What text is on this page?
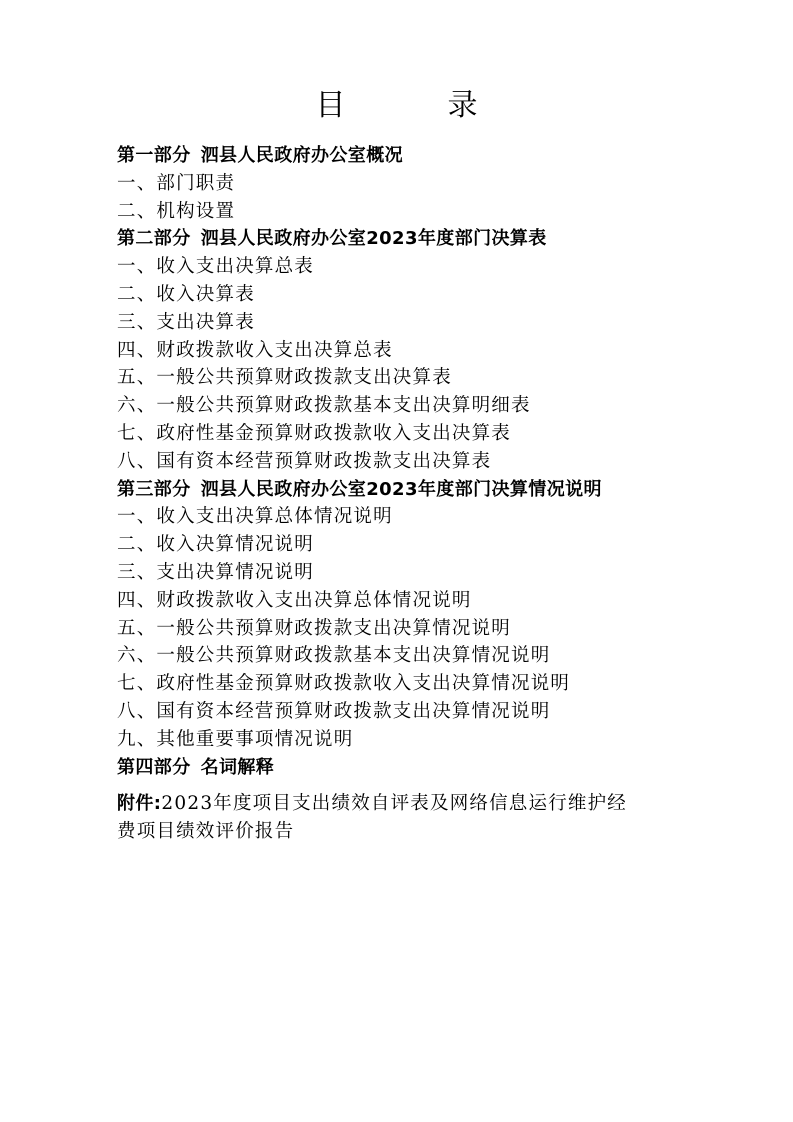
目　录
第一部分 泗县人民政府办公室概况
一、部门职责
二、机构设置
第二部分 泗县人民政府办公室2023年度部门决算表
一、收入支出决算总表
二、收入决算表
三、支出决算表
四、财政拨款收入支出决算总表
五、一般公共预算财政拨款支出决算表
六、一般公共预算财政拨款基本支出决算明细表
七、政府性基金预算财政拨款收入支出决算表
八、国有资本经营预算财政拨款支出决算表
第三部分 泗县人民政府办公室2023年度部门决算情况说明
一、收入支出决算总体情况说明
二、收入决算情况说明
三、支出决算情况说明
四、财政拨款收入支出决算总体情况说明
五、一般公共预算财政拨款支出决算情况说明
六、一般公共预算财政拨款基本支出决算情况说明
七、政府性基金预算财政拨款收入支出决算情况说明
八、国有资本经营预算财政拨款支出决算情况说明
九、其他重要事项情况说明
第四部分 名词解释
附件:2023年度项目支出绩效自评表及网络信息运行维护经
费项目绩效评价报告
